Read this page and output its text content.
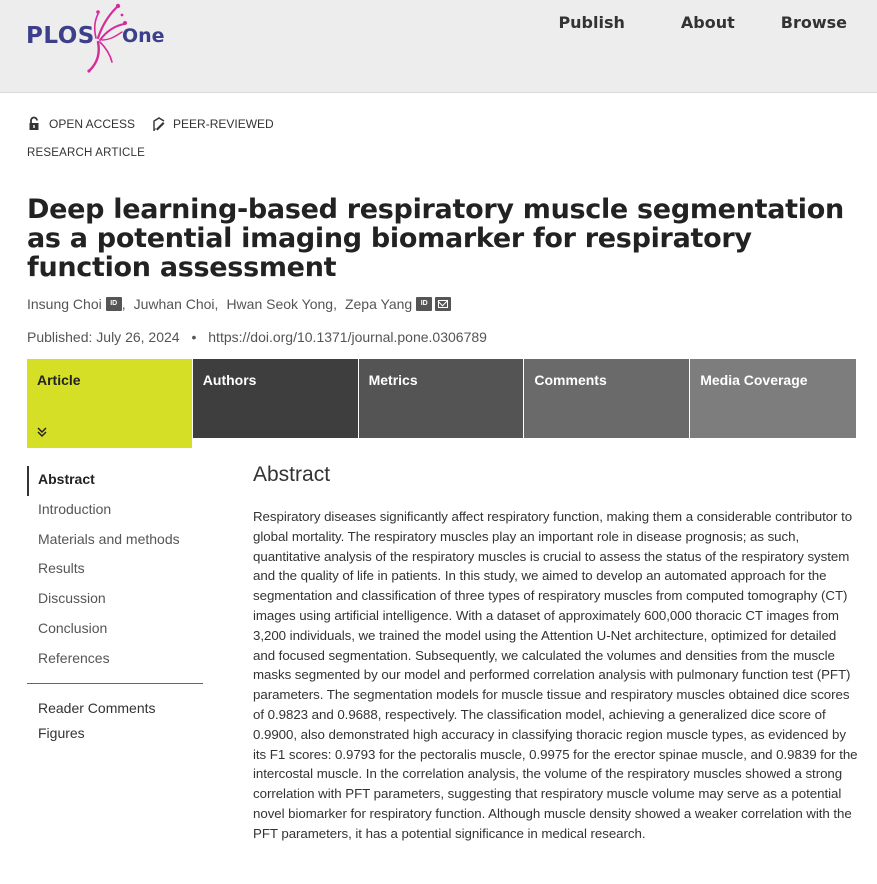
PLOS One
Publish	About	Browse
OPEN ACCESS	PEER-REVIEWED
RESEARCH ARTICLE
Deep learning-based respiratory muscle segmentation as a potential imaging biomarker for respiratory function assessment
Insung Choi	ID , Juwhan Choi , Hwan Seok Yong , Zepa Yang	ID
Published: July 26, 2024 • https://doi.org/10.1371/journal.pone.0306789
Article	Authors	Metrics	Comments	Media Coverage
Abstract
Introduction
Materials and methods
Results
Discussion
Conclusion
References
Reader Comments
Figures
Abstract

Respiratory diseases significantly affect respiratory function, making them a considerable contributor to global mortality. The respiratory muscles play an important role in disease prognosis; as such, quantitative analysis of the respiratory muscles is crucial to assess the status of the respiratory system and the quality of life in patients. In this study, we aimed to develop an automated approach for the segmentation and classification of three types of respiratory muscles from computed tomography (CT) images using artificial intelligence. With a dataset of approximately 600,000 thoracic CT images from 3,200 individuals, we trained the model using the Attention U-Net architecture, optimized for detailed and focused segmentation. Subsequently, we calculated the volumes and densities from the muscle masks segmented by our model and performed correlation analysis with pulmonary function test (PFT) parameters. The segmentation models for muscle tissue and respiratory muscles obtained dice scores of 0.9823 and 0.9688, respectively. The classification model, achieving a generalized dice score of 0.9900, also demonstrated high accuracy in classifying thoracic region muscle types, as evidenced by its F1 scores: 0.9793 for the pectoralis muscle, 0.9975 for the erector spinae muscle, and 0.9839 for the intercostal muscle. In the correlation analysis, the volume of the respiratory muscles showed a strong correlation with PFT parameters, suggesting that respiratory muscle volume may serve as a potential novel biomarker for respiratory function. Although muscle density showed a weaker correlation with the PFT parameters, it has a potential significance in medical research.
